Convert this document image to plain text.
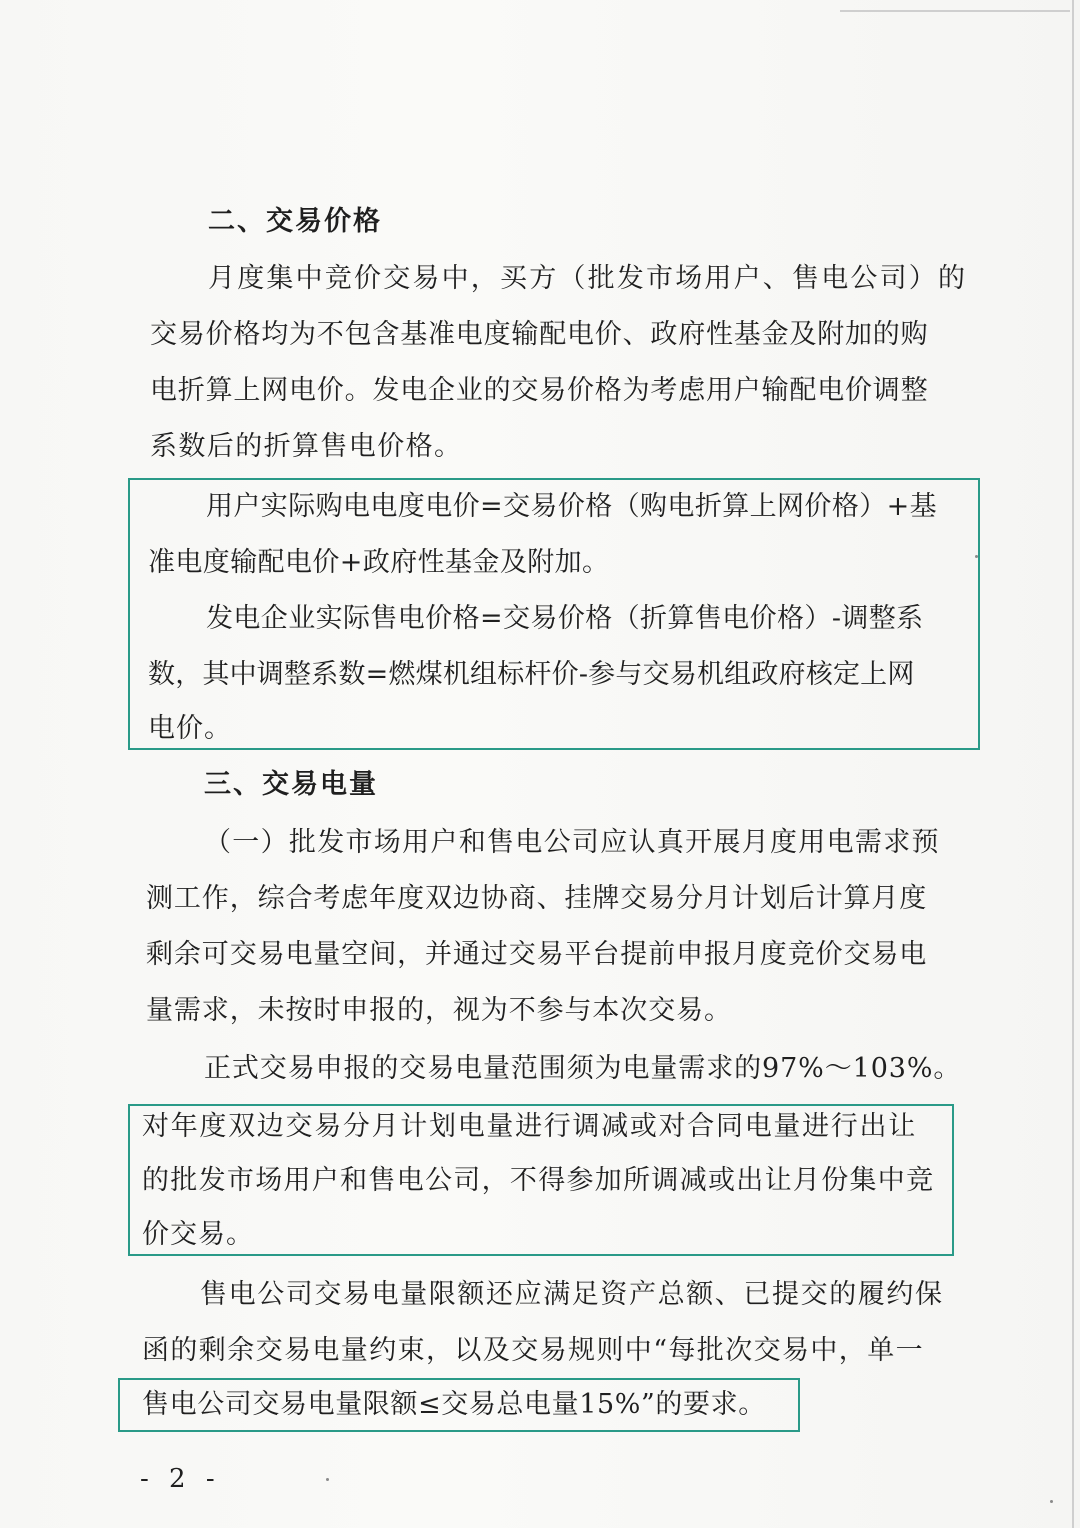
二、交易价格
月度集中竞价交易中，买方（批发市场用户、售电公司）的
交易价格均为不包含基准电度输配电价、政府性基金及附加的购
电折算上网电价。发电企业的交易价格为考虑用户输配电价调整
系数后的折算售电价格。
用户实际购电电度电价=交易价格（购电折算上网价格）+基
准电度输配电价+政府性基金及附加。
发电企业实际售电价格=交易价格（折算售电价格）-调整系
数，其中调整系数=燃煤机组标杆价-参与交易机组政府核定上网
电价。
三、交易电量
（一）批发市场用户和售电公司应认真开展月度用电需求预
测工作，综合考虑年度双边协商、挂牌交易分月计划后计算月度
剩余可交易电量空间，并通过交易平台提前申报月度竞价交易电
量需求，未按时申报的，视为不参与本次交易。
正式交易申报的交易电量范围须为电量需求的97%～103%。
对年度双边交易分月计划电量进行调减或对合同电量进行出让
的批发市场用户和售电公司，不得参加所调减或出让月份集中竞
价交易。
售电公司交易电量限额还应满足资产总额、已提交的履约保
函的剩余交易电量约束，以及交易规则中“每批次交易中，单一
售电公司交易电量限额≤交易总电量15%”的要求。
- 2 -
